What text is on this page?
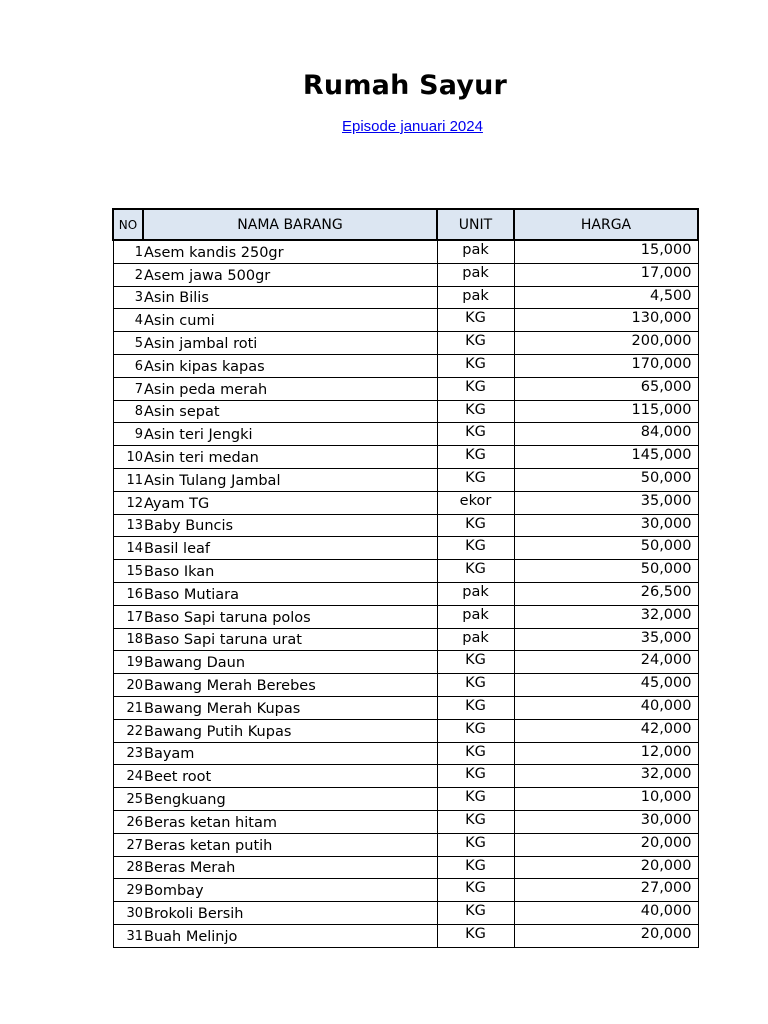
Rumah Sayur
Episode januari 2024
NO	NAMA BARANG	UNIT	HARGA
1	Asem kandis 250gr	pak	15,000
2	Asem jawa 500gr	pak	17,000
3	Asin Bilis	pak	4,500
4	Asin cumi	KG	130,000
5	Asin jambal roti	KG	200,000
6	Asin kipas kapas	KG	170,000
7	Asin peda merah	KG	65,000
8	Asin sepat	KG	115,000
9	Asin teri Jengki	KG	84,000
10	Asin teri medan	KG	145,000
11	Asin Tulang Jambal	KG	50,000
12	Ayam TG	ekor	35,000
13	Baby Buncis	KG	30,000
14	Basil leaf	KG	50,000
15	Baso Ikan	KG	50,000
16	Baso Mutiara	pak	26,500
17	Baso Sapi taruna polos	pak	32,000
18	Baso Sapi taruna urat	pak	35,000
19	Bawang Daun	KG	24,000
20	Bawang Merah Berebes	KG	45,000
21	Bawang Merah Kupas	KG	40,000
22	Bawang Putih Kupas	KG	42,000
23	Bayam	KG	12,000
24	Beet root	KG	32,000
25	Bengkuang	KG	10,000
26	Beras ketan hitam	KG	30,000
27	Beras ketan putih	KG	20,000
28	Beras Merah	KG	20,000
29	Bombay	KG	27,000
30	Brokoli Bersih	KG	40,000
31	Buah Melinjo	KG	20,000
